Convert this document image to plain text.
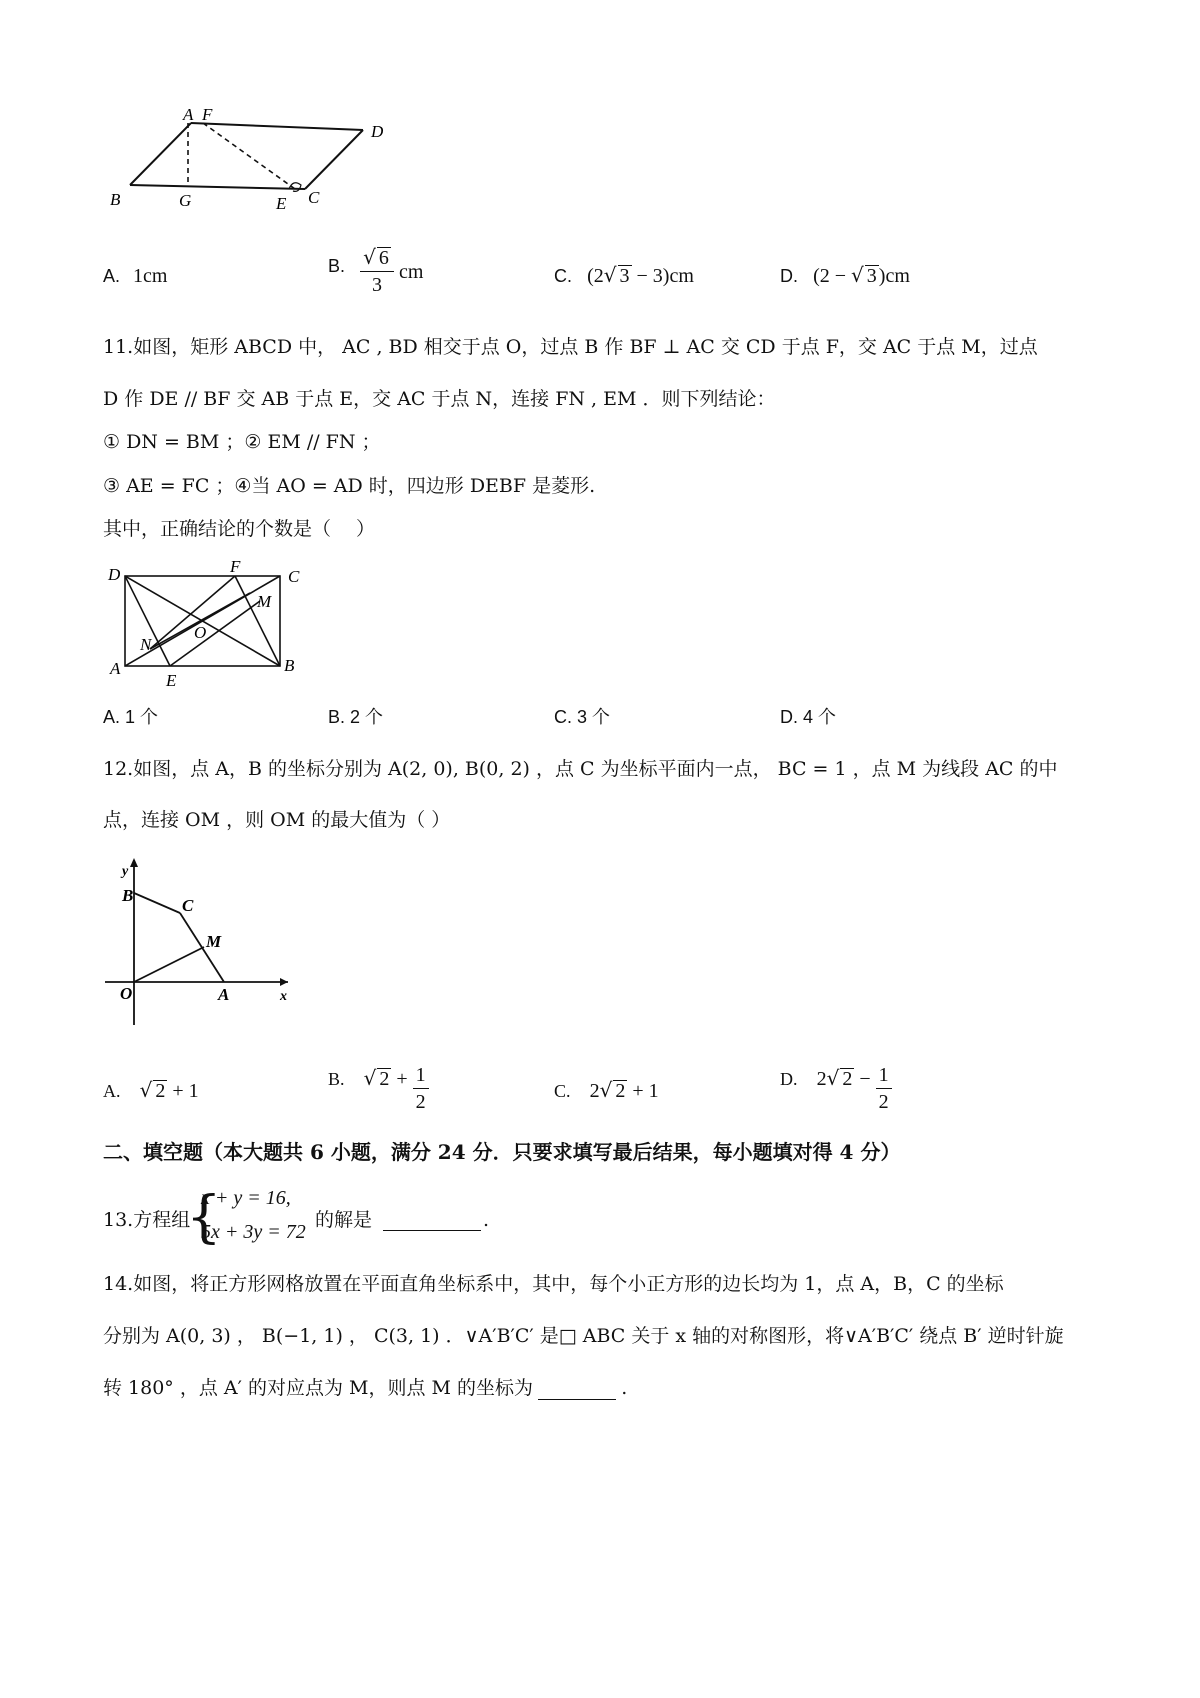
A F
D
B	G	E C
A. 1cm	B. $\frac{√ 6}{3}$ cm	C. (2√ 3 − 3)cm	D. (2 − √ 3 )cm
11.如图，矩形 ABCD 中， AC , BD 相交于点 O，过点 B 作 BF ⊥ AC 交 CD 于点 F，交 AC 于点 M，过点
D 作 DE // BF 交 AB 于点 E，交 AC 于点 N，连接 FN , EM ．则下列结论：
① DN = BM ；② EM // FN ；
③ AE = FC ；④当 AO = AD 时，四边形 DEBF 是菱形.
其中，正确结论的个数是（　 ）
D	F
C
M
O
N
A
E
B
A. 1 个	B. 2 个	C. 3 个	D. 4 个
12.如图，点 A，B 的坐标分别为 A(2, 0), B(0, 2) ，点 C 为坐标平面内一点， BC = 1 ，点 M 为线段 AC 的中
点，连接 OM ，则 OM 的最大值为（ ）
y
B
C
M
O	A	x
A. √ 2 + 1
B. √ $2 + \frac{1}{2}$	C. 2√ 2 + 1
D. 2√ $2 - \frac{1}{2}$
二、填空题（本大题共 6 小题，满分 24 分．只要求填写最后结果，每小题填对得 4 分）
13.方程组
{
x + y = 16,
5x + 3y = 72
的解是	.
14.如图，将正方形网格放置在平面直角坐标系中，其中，每个小正方形的边长均为 1，点 A，B，C 的坐标
分别为 A(0, 3) ， B(−1, 1) ， C(3, 1) ．∨A′B′C′ 是□ ABC 关于 x 轴的对称图形，将∨A′B′C′ 绕点 B′ 逆时针旋
转 180° ，点 A′ 的对应点为 M，则点 M 的坐标为	.
